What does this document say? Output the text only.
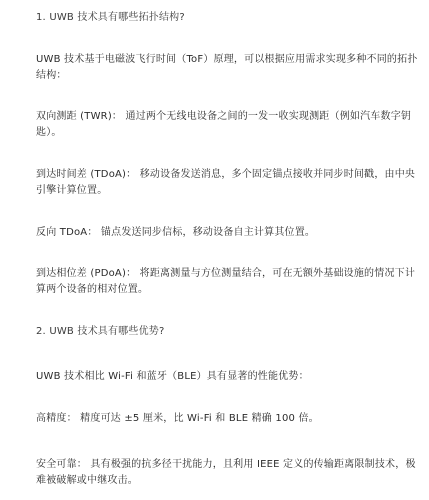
1. UWB 技术具有哪些拓扑结构?

UWB 技术基于电磁波飞行时间（ToF）原理，可以根据应用需求实现多种不同的拓扑结构：

双向测距 (TWR)： 通过两个无线电设备之间的一发一收实现测距（例如汽车数字钥匙）。

到达时间差 (TDoA)： 移动设备发送消息，多个固定锚点接收并同步时间戳，由中央引擎计算位置。

反向 TDoA： 锚点发送同步信标，移动设备自主计算其位置。

到达相位差 (PDoA)： 将距离测量与方位测量结合，可在无额外基础设施的情况下计算两个设备的相对位置。

2. UWB 技术具有哪些优势?

UWB 技术相比 Wi-Fi 和蓝牙（BLE）具有显著的性能优势：

高精度： 精度可达 ±5 厘米，比 Wi-Fi 和 BLE 精确 100 倍。

安全可靠： 具有极强的抗多径干扰能力，且利用 IEEE 定义的传输距离限制技术，极难被破解或中继攻击。
